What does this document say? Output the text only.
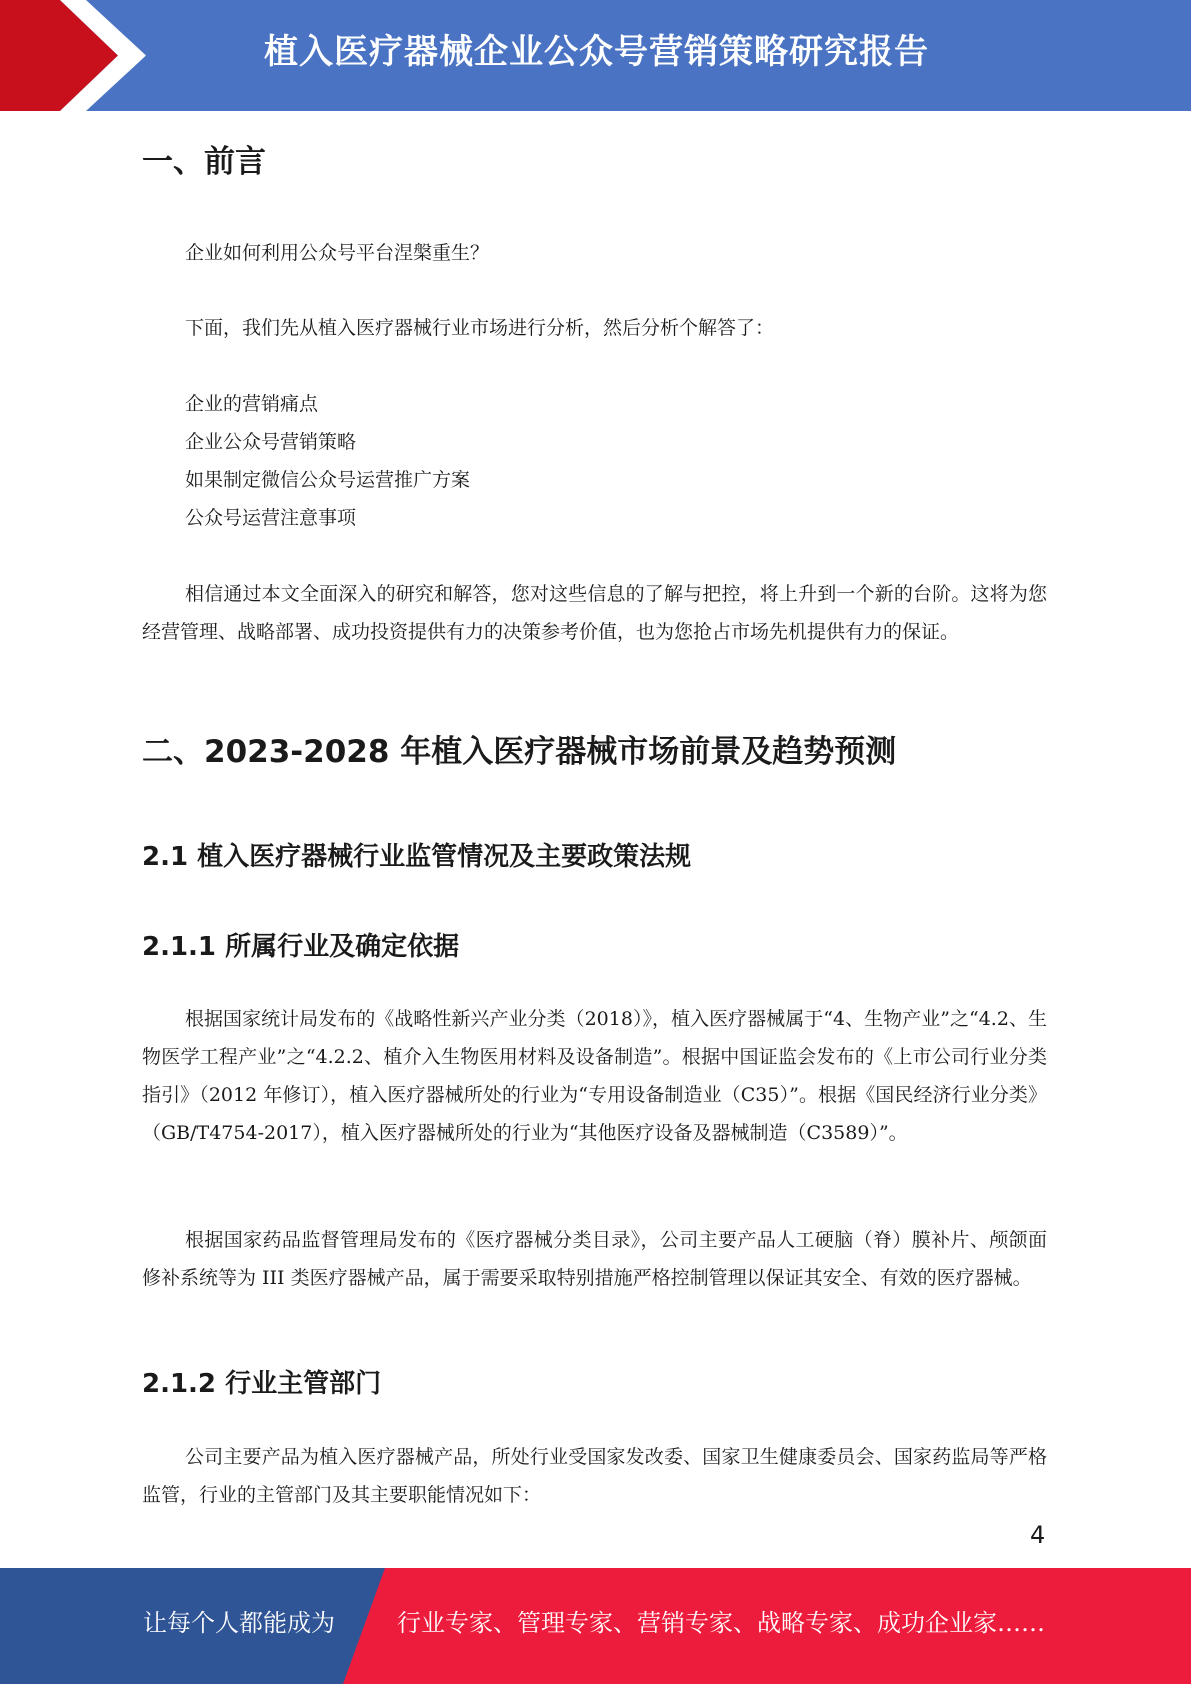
植入医疗器械企业公众号营销策略研究报告
一、前言

企业如何利用公众号平台涅槃重生？

下面，我们先从植入医疗器械行业市场进行分析，然后分析个解答了：

企业的营销痛点
企业公众号营销策略
如果制定微信公众号运营推广方案
公众号运营注意事项

相信通过本文全面深入的研究和解答，您对这些信息的了解与把控，将上升到一个新的台阶。这将为您经营管理、战略部署、成功投资提供有力的决策参考价值，也为您抢占市场先机提供有力的保证。

二、2023-2028 年植入医疗器械市场前景及趋势预测
2.1 植入医疗器械行业监管情况及主要政策法规
2.1.1 所属行业及确定依据

根据国家统计局发布的《战略性新兴产业分类（2018）》，植入医疗器械属于“4、生物产业”之“4.2、生物医学工程产业”之“4.2.2、植介入生物医用材料及设备制造”。根据中国证监会发布的《上市公司行业分类指引》（2012 年修订），植入医疗器械所处的行业为“专用设备制造业（C35）”。根据《国民经济行业分类》（GB/T4754-2017），植入医疗器械所处的行业为“其他医疗设备及器械制造（C3589）”。

根据国家药品监督管理局发布的《医疗器械分类目录》，公司主要产品人工硬脑（脊）膜补片、颅颌面修补系统等为 III 类医疗器械产品，属于需要采取特别措施严格控制管理以保证其安全、有效的医疗器械。

2.1.2 行业主管部门

公司主要产品为植入医疗器械产品，所处行业受国家发改委、国家卫生健康委员会、国家药监局等严格监管，行业的主管部门及其主要职能情况如下：

4
让每个人都能成为	行业专家、管理专家、营销专家、战略专家、成功企业家……
